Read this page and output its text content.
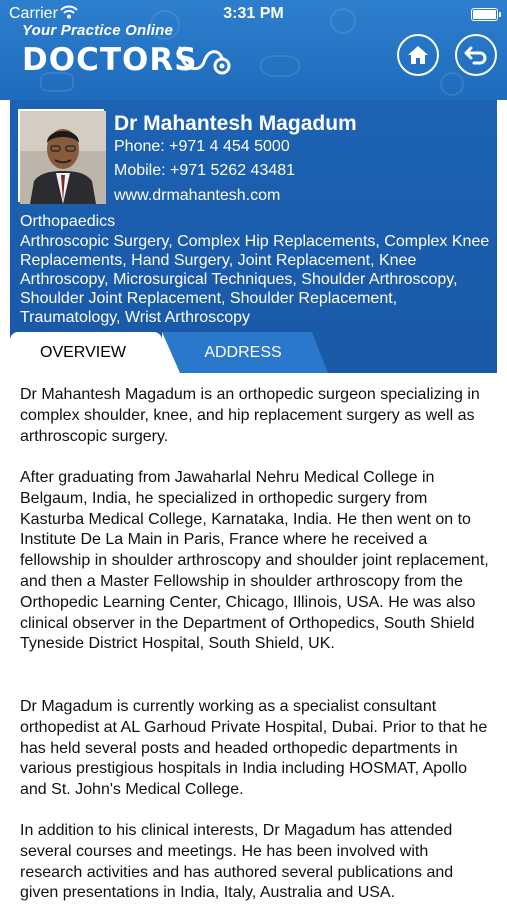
Carrier	3:31 PM
Your Practice Online
DOCTORS
Dr Mahantesh Magadum
Phone: +971 4 454 5000
Mobile: +971 5262 43481
www.drmahantesh.com
Orthopaedics
Arthroscopic Surgery, Complex Hip Replacements, Complex Knee Replacements, Hand Surgery, Joint Replacement, Knee Arthroscopy, Microsurgical Techniques, Shoulder Arthroscopy, Shoulder Joint Replacement, Shoulder Replacement, Traumatology, Wrist Arthroscopy
ADDRESS
OVERVIEW

Dr Mahantesh Magadum is an orthopedic surgeon specializing in complex shoulder, knee, and hip replacement surgery as well as arthroscopic surgery.

After graduating from Jawaharlal Nehru Medical College in Belgaum, India, he specialized in orthopedic surgery from Kasturba Medical College, Karnataka, India. He then went on to Institute De La Main in Paris, France where he received a fellowship in shoulder arthroscopy and shoulder joint replacement, and then a Master Fellowship in shoulder arthroscopy from the Orthopedic Learning Center, Chicago, Illinois, USA. He was also clinical observer in the Department of Orthopedics, South Shield Tyneside District Hospital, South Shield, UK.

Dr Magadum is currently working as a specialist consultant orthopedist at AL Garhoud Private Hospital, Dubai. Prior to that he has held several posts and headed orthopedic departments in various prestigious hospitals in India including HOSMAT, Apollo and St. John's Medical College.

In addition to his clinical interests, Dr Magadum has attended several courses and meetings. He has been involved with research activities and has authored several publications and given presentations in India, Italy, Australia and USA.
